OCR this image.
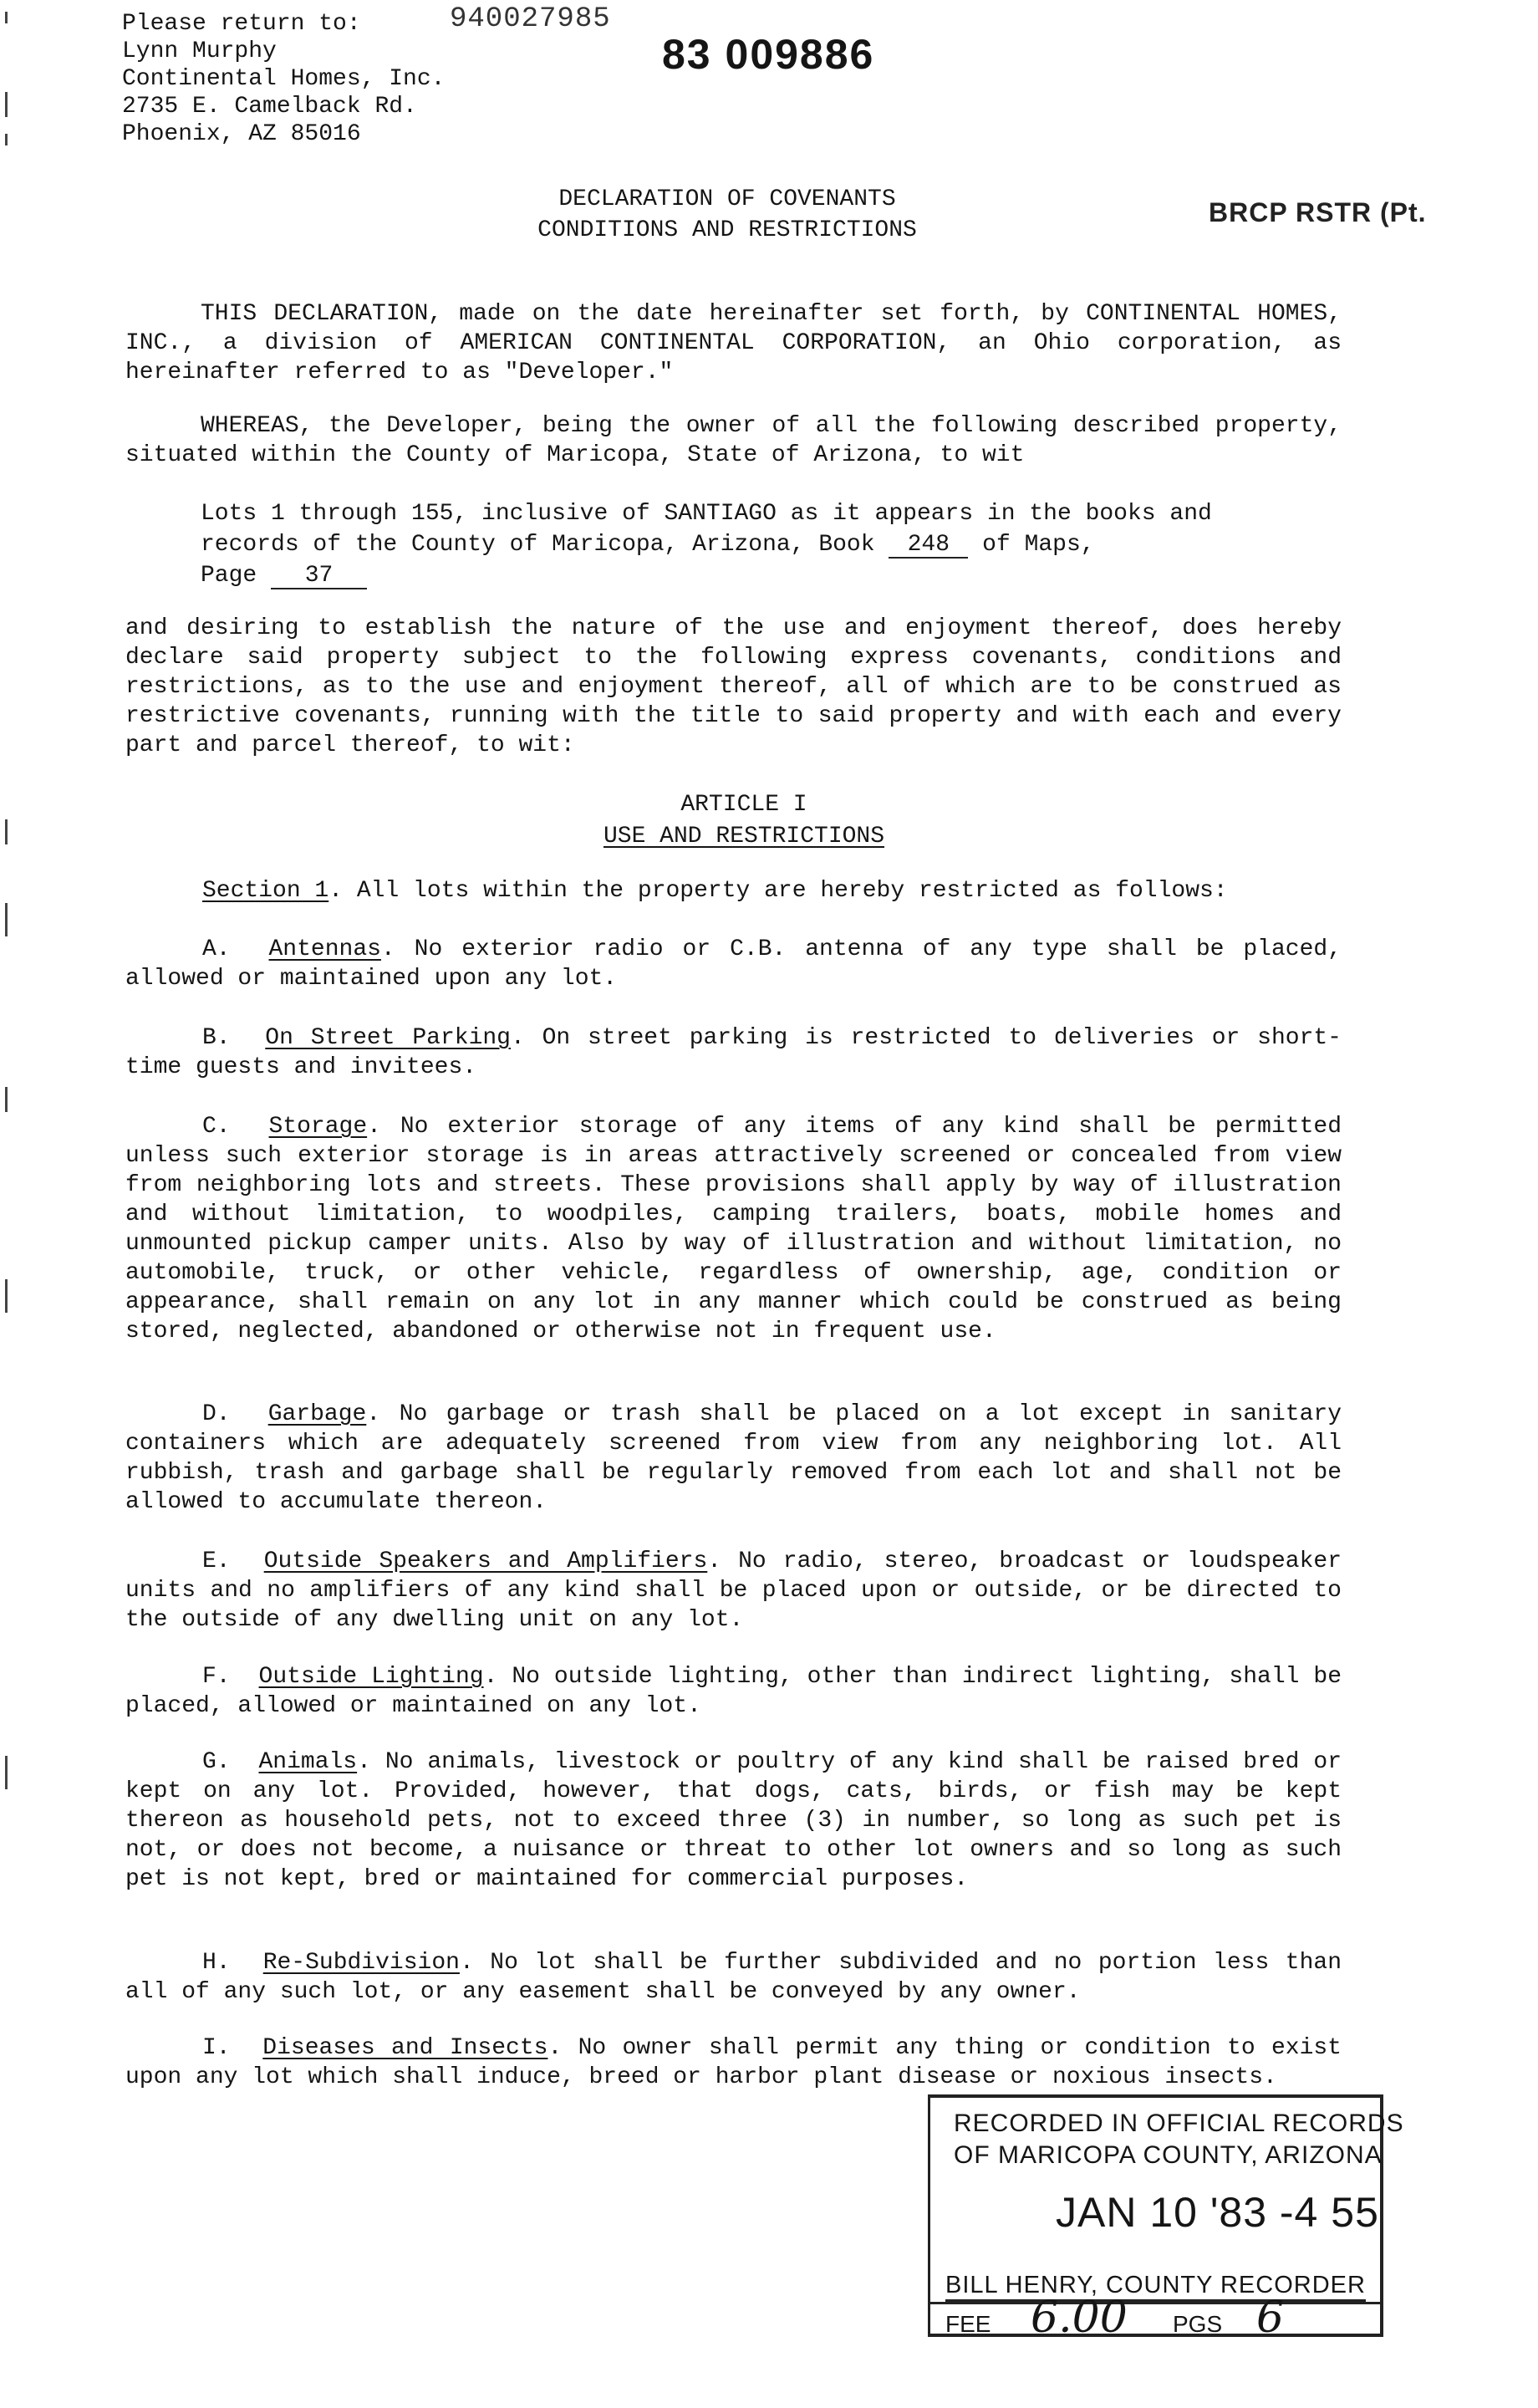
Please return to:
Lynn Murphy
Continental Homes, Inc.
2735 E. Camelback Rd.
Phoenix, AZ 85016
940027985
83 009886
BRCP RSTR (Pt.
DECLARATION OF COVENANTS
CONDITIONS AND RESTRICTIONS
THIS DECLARATION, made on the date hereinafter set forth, by CONTINENTAL HOMES, INC., a division of AMERICAN CONTINENTAL CORPORATION, an Ohio corporation, as hereinafter referred to as "Developer."
WHEREAS, the Developer, being the owner of all the following described property, situated within the County of Maricopa, State of Arizona, to wit
Lots 1 through 155, inclusive of SANTIAGO as it appears in the books and records of the County of Maricopa, Arizona, Book 248 of Maps,
Page 37
and desiring to establish the nature of the use and enjoyment thereof, does hereby declare said property subject to the following express covenants, conditions and restrictions, as to the use and enjoyment thereof, all of which are to be construed as restrictive covenants, running with the title to said property and with each and every part and parcel thereof, to wit:
ARTICLE I
USE AND RESTRICTIONS
Section 1. All lots within the property are hereby restricted as follows:
A. Antennas. No exterior radio or C.B. antenna of any type shall be placed, allowed or maintained upon any lot.
B. On Street Parking. On street parking is restricted to deliveries or short-time guests and invitees.
C. Storage. No exterior storage of any items of any kind shall be permitted unless such exterior storage is in areas attractively screened or concealed from view from neighboring lots and streets. These provisions shall apply by way of illustration and without limitation, to woodpiles, camping trailers, boats, mobile homes and unmounted pickup camper units. Also by way of illustration and without limitation, no automobile, truck, or other vehicle, regardless of ownership, age, condition or appearance, shall remain on any lot in any manner which could be construed as being stored, neglected, abandoned or otherwise not in frequent use.
D. Garbage. No garbage or trash shall be placed on a lot except in sanitary containers which are adequately screened from view from any neighboring lot. All rubbish, trash and garbage shall be regularly removed from each lot and shall not be allowed to accumulate thereon.
E. Outside Speakers and Amplifiers. No radio, stereo, broadcast or loudspeaker units and no amplifiers of any kind shall be placed upon or outside, or be directed to the outside of any dwelling unit on any lot.
F. Outside Lighting. No outside lighting, other than indirect lighting, shall be placed, allowed or maintained on any lot.
G. Animals. No animals, livestock or poultry of any kind shall be raised bred or kept on any lot. Provided, however, that dogs, cats, birds, or fish may be kept thereon as household pets, not to exceed three (3) in number, so long as such pet is not, or does not become, a nuisance or threat to other lot owners and so long as such pet is not kept, bred or maintained for commercial purposes.
H. Re-Subdivision. No lot shall be further subdivided and no portion less than all of any such lot, or any easement shall be conveyed by any owner.
I. Diseases and Insects. No owner shall permit any thing or condition to exist upon any lot which shall induce, breed or harbor plant disease or noxious insects.
RECORDED IN OFFICIAL RECORDS
OF MARICOPA COUNTY, ARIZONA
JAN 10 '83 -4 55
BILL HENRY, COUNTY RECORDER
FEE 6.00 PGS 6
